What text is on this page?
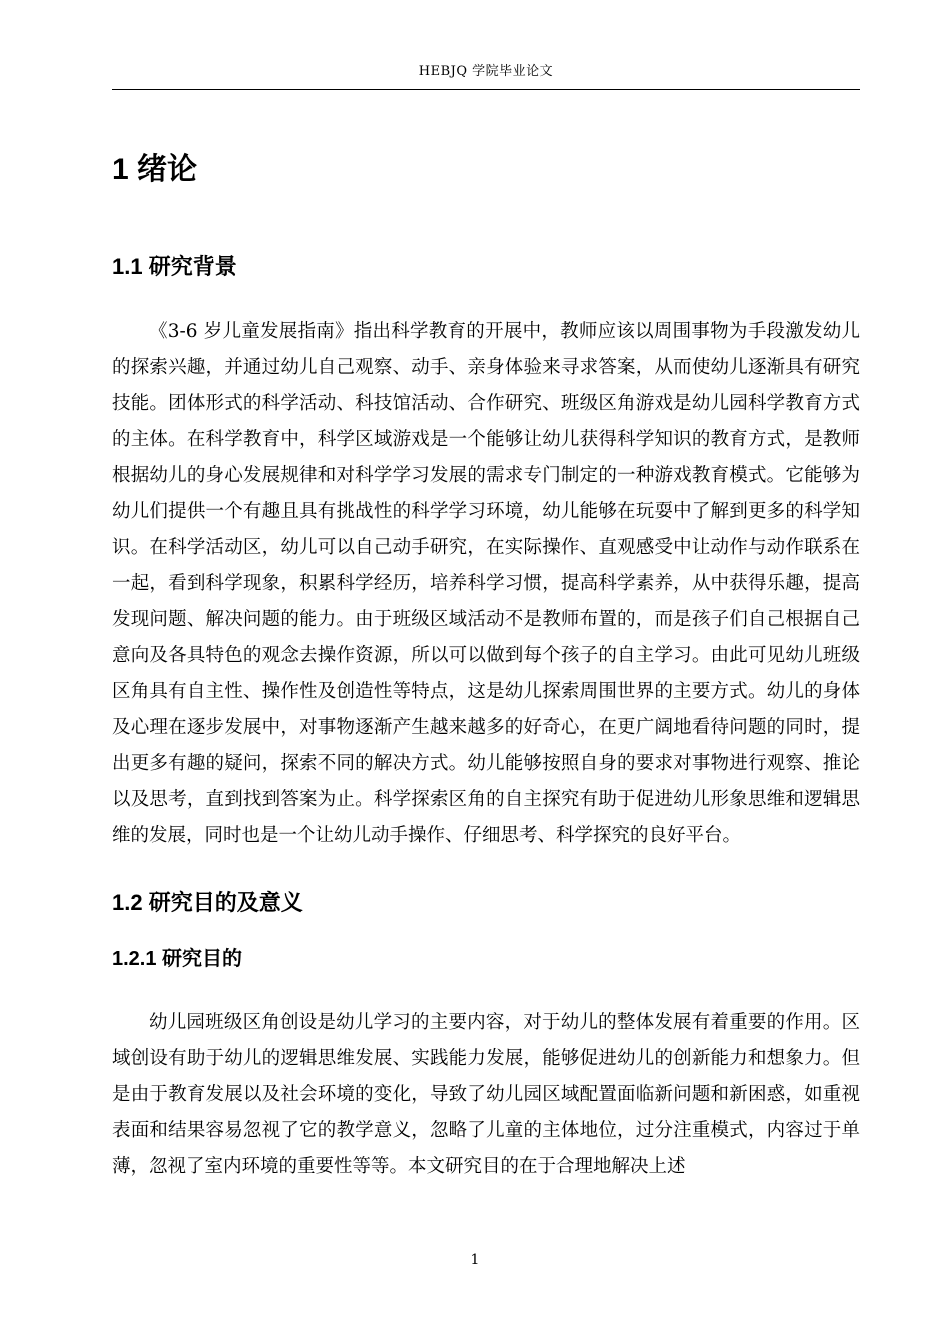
HEBJQ 学院毕业论文
1 绪论
1.1 研究背景

《3-6 岁儿童发展指南》指出科学教育的开展中，教师应该以周围事物为手段激发幼儿的探索兴趣，并通过幼儿自己观察、动手、亲身体验来寻求答案，从而使幼儿逐渐具有研究技能。团体形式的科学活动、科技馆活动、合作研究、班级区角游戏是幼儿园科学教育方式的主体。在科学教育中，科学区域游戏是一个能够让幼儿获得科学知识的教育方式，是教师根据幼儿的身心发展规律和对科学学习发展的需求专门制定的一种游戏教育模式。它能够为幼儿们提供一个有趣且具有挑战性的科学学习环境，幼儿能够在玩耍中了解到更多的科学知识。在科学活动区，幼儿可以自己动手研究，在实际操作、直观感受中让动作与动作联系在一起，看到科学现象，积累科学经历，培养科学习惯，提高科学素养，从中获得乐趣，提高发现问题、解决问题的能力。由于班级区域活动不是教师布置的，而是孩子们自己根据自己意向及各具特色的观念去操作资源，所以可以做到每个孩子的自主学习。由此可见幼儿班级区角具有自主性、操作性及创造性等特点，这是幼儿探索周围世界的主要方式。幼儿的身体及心理在逐步发展中，对事物逐渐产生越来越多的好奇心，在更广阔地看待问题的同时，提出更多有趣的疑问，探索不同的解决方式。幼儿能够按照自身的要求对事物进行观察、推论以及思考，直到找到答案为止。科学探索区角的自主探究有助于促进幼儿形象思维和逻辑思维的发展，同时也是一个让幼儿动手操作、仔细思考、科学探究的良好平台。

1.2 研究目的及意义
1.2.1 研究目的

幼儿园班级区角创设是幼儿学习的主要内容，对于幼儿的整体发展有着重要的作用。区域创设有助于幼儿的逻辑思维发展、实践能力发展，能够促进幼儿的创新能力和想象力。但是由于教育发展以及社会环境的变化，导致了幼儿园区域配置面临新问题和新困惑，如重视表面和结果容易忽视了它的教学意义，忽略了儿童的主体地位，过分注重模式，内容过于单薄，忽视了室内环境的重要性等等。本文研究目的在于合理地解决上述

1
